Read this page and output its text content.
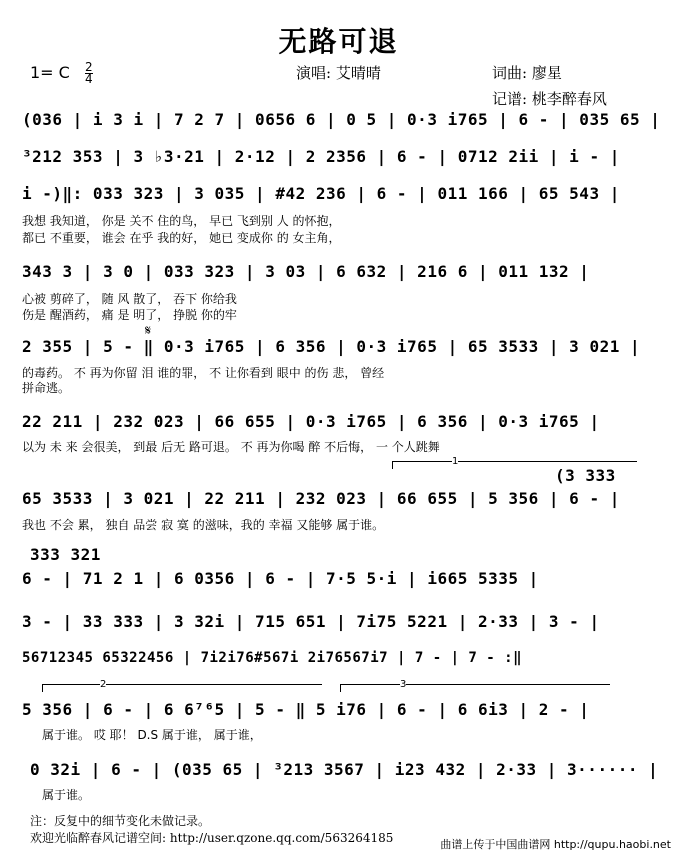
无路可退
1= C $\frac{2}{4}$	演唱: 艾晴晴	词曲: 廖星
记谱: 桃李醉春风
(036 | i 3 i | 7 2 7 | 0656 6 | 0 5 | 0·3 i765 | 6 - | 035 65 |
³212 353 | 3 ♭3·21 | 2·12 | 2 2356 | 6 - | 0712 2ii | i - |
i -)‖: 033 323 | 3 035 | #42 236 | 6 - | 011 166 | 65 543 |
我想 我知道， 你是 关不 住的鸟， 早已 飞到别 人 的怀抱，
都已 不重要， 谁会 在乎 我的好， 她已 变成你 的 女主角，
343 3 | 3 0 | 033 323 | 3 03 | 6 632 | 216 6 | 011 132 |
心被 剪碎了， 随 风 散了， 吞下 你给我
伤是 醒酒药， 痛 是 明了， 挣脱 你的牢
𝄋
2 355 | 5 - ‖ 0·3 i765 | 6 356 | 0·3 i765 | 65 3533 | 3 021 |
的毒药。 不 再为你留 泪 谁的罪， 不 让你看到 眼中 的伤 悲， 曾经
拼命逃。
22 211 | 232 023 | 66 655 | 0·3 i765 | 6 356 | 0·3 i765 |
以为 未 来 会很美， 到最 后无 路可退。 不 再为你喝 醉 不后悔， 一 个人跳舞
1
(3 333
65 3533 | 3 021 | 22 211 | 232 023 | 66 655 | 5 356 | 6 - |
我也 不会 累， 独自 品尝 寂 寞 的滋味，我的 幸福 又能够 属于谁。
333 321
6 - | 71 2 1 | 6 0356 | 6 - | 7·5 5·i | i665 5335 |
3 - | 33 333 | 3 32i | 715 651 | 7i75 5221 | 2·33 | 3 - |
56712345 65322456 | 7i2i76#567i 2i76567i7 | 7 - | 7 - :‖
2	3
5 356 | 6 - | 6 6⁷⁶5 | 5 - ‖ 5 i76 | 6 - | 6 6i3 | 2 - |
属于谁。 哎 耶！ D.S 属于谁， 属于谁，
0 32i | 6 - | (035 65 | ³213 3567 | i23 432 | 2·33 | 3······ |
属于谁。
注：反复中的细节变化未做记录。
欢迎光临醉春风记谱空间: http://user.qzone.qq.com/563264185	曲谱上传于中国曲谱网 http://qupu.haobi.net
